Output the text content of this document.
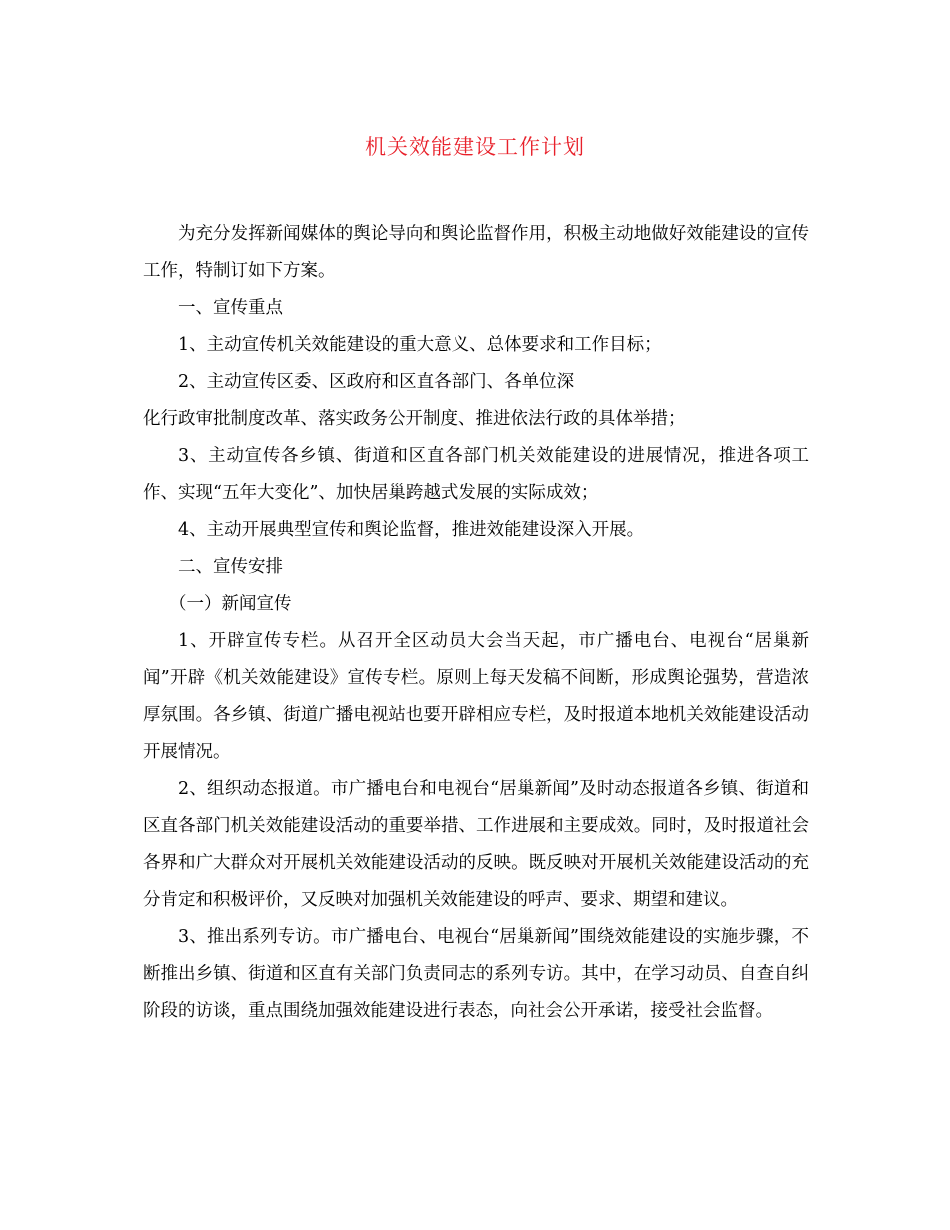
机关效能建设工作计划

为充分发挥新闻媒体的舆论导向和舆论监督作用，积极主动地做好效能建设的宣传工作，特制订如下方案。

一、宣传重点

1、主动宣传机关效能建设的重大意义、总体要求和工作目标；

2、主动宣传区委、区政府和区直各部门、各单位深

化行政审批制度改革、落实政务公开制度、推进依法行政的具体举措；

3、主动宣传各乡镇、街道和区直各部门机关效能建设的进展情况，推进各项工作、实现“五年大变化”、加快居巢跨越式发展的实际成效；

4、主动开展典型宣传和舆论监督，推进效能建设深入开展。

二、宣传安排

（一）新闻宣传

1、开辟宣传专栏。从召开全区动员大会当天起，市广播电台、电视台“居巢新闻”开辟《机关效能建设》宣传专栏。原则上每天发稿不间断，形成舆论强势，营造浓厚氛围。各乡镇、街道广播电视站也要开辟相应专栏，及时报道本地机关效能建设活动开展情况。

2、组织动态报道。市广播电台和电视台“居巢新闻”及时动态报道各乡镇、街道和区直各部门机关效能建设活动的重要举措、工作进展和主要成效。同时，及时报道社会各界和广大群众对开展机关效能建设活动的反映。既反映对开展机关效能建设活动的充分肯定和积极评价，又反映对加强机关效能建设的呼声、要求、期望和建议。

3、推出系列专访。市广播电台、电视台“居巢新闻”围绕效能建设的实施步骤，不断推出乡镇、街道和区直有关部门负责同志的系列专访。其中，在学习动员、自查自纠阶段的访谈，重点围绕加强效能建设进行表态，向社会公开承诺，接受社会监督。
